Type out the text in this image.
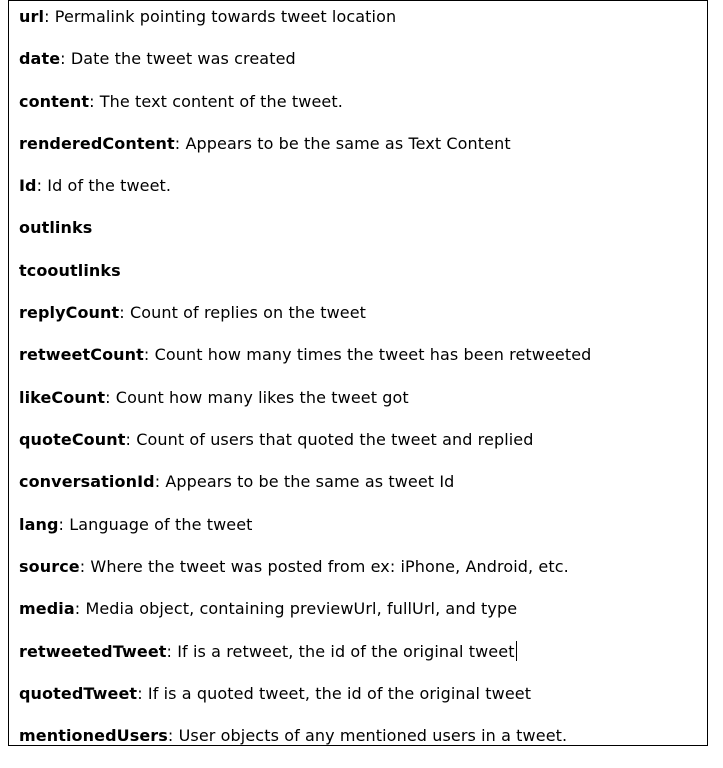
url: Permalink pointing towards tweet location
date: Date the tweet was created
content: The text content of the tweet.
renderedContent: Appears to be the same as Text Content
Id: Id of the tweet.
outlinks
tcooutlinks
replyCount: Count of replies on the tweet
retweetCount: Count how many times the tweet has been retweeted
likeCount: Count how many likes the tweet got
quoteCount: Count of users that quoted the tweet and replied
conversationId: Appears to be the same as tweet Id
lang: Language of the tweet
source: Where the tweet was posted from ex: iPhone, Android, etc.
media: Media object, containing previewUrl, fullUrl, and type
retweetedTweet: If is a retweet, the id of the original tweet
quotedTweet: If is a quoted tweet, the id of the original tweet
mentionedUsers: User objects of any mentioned users in a tweet.
